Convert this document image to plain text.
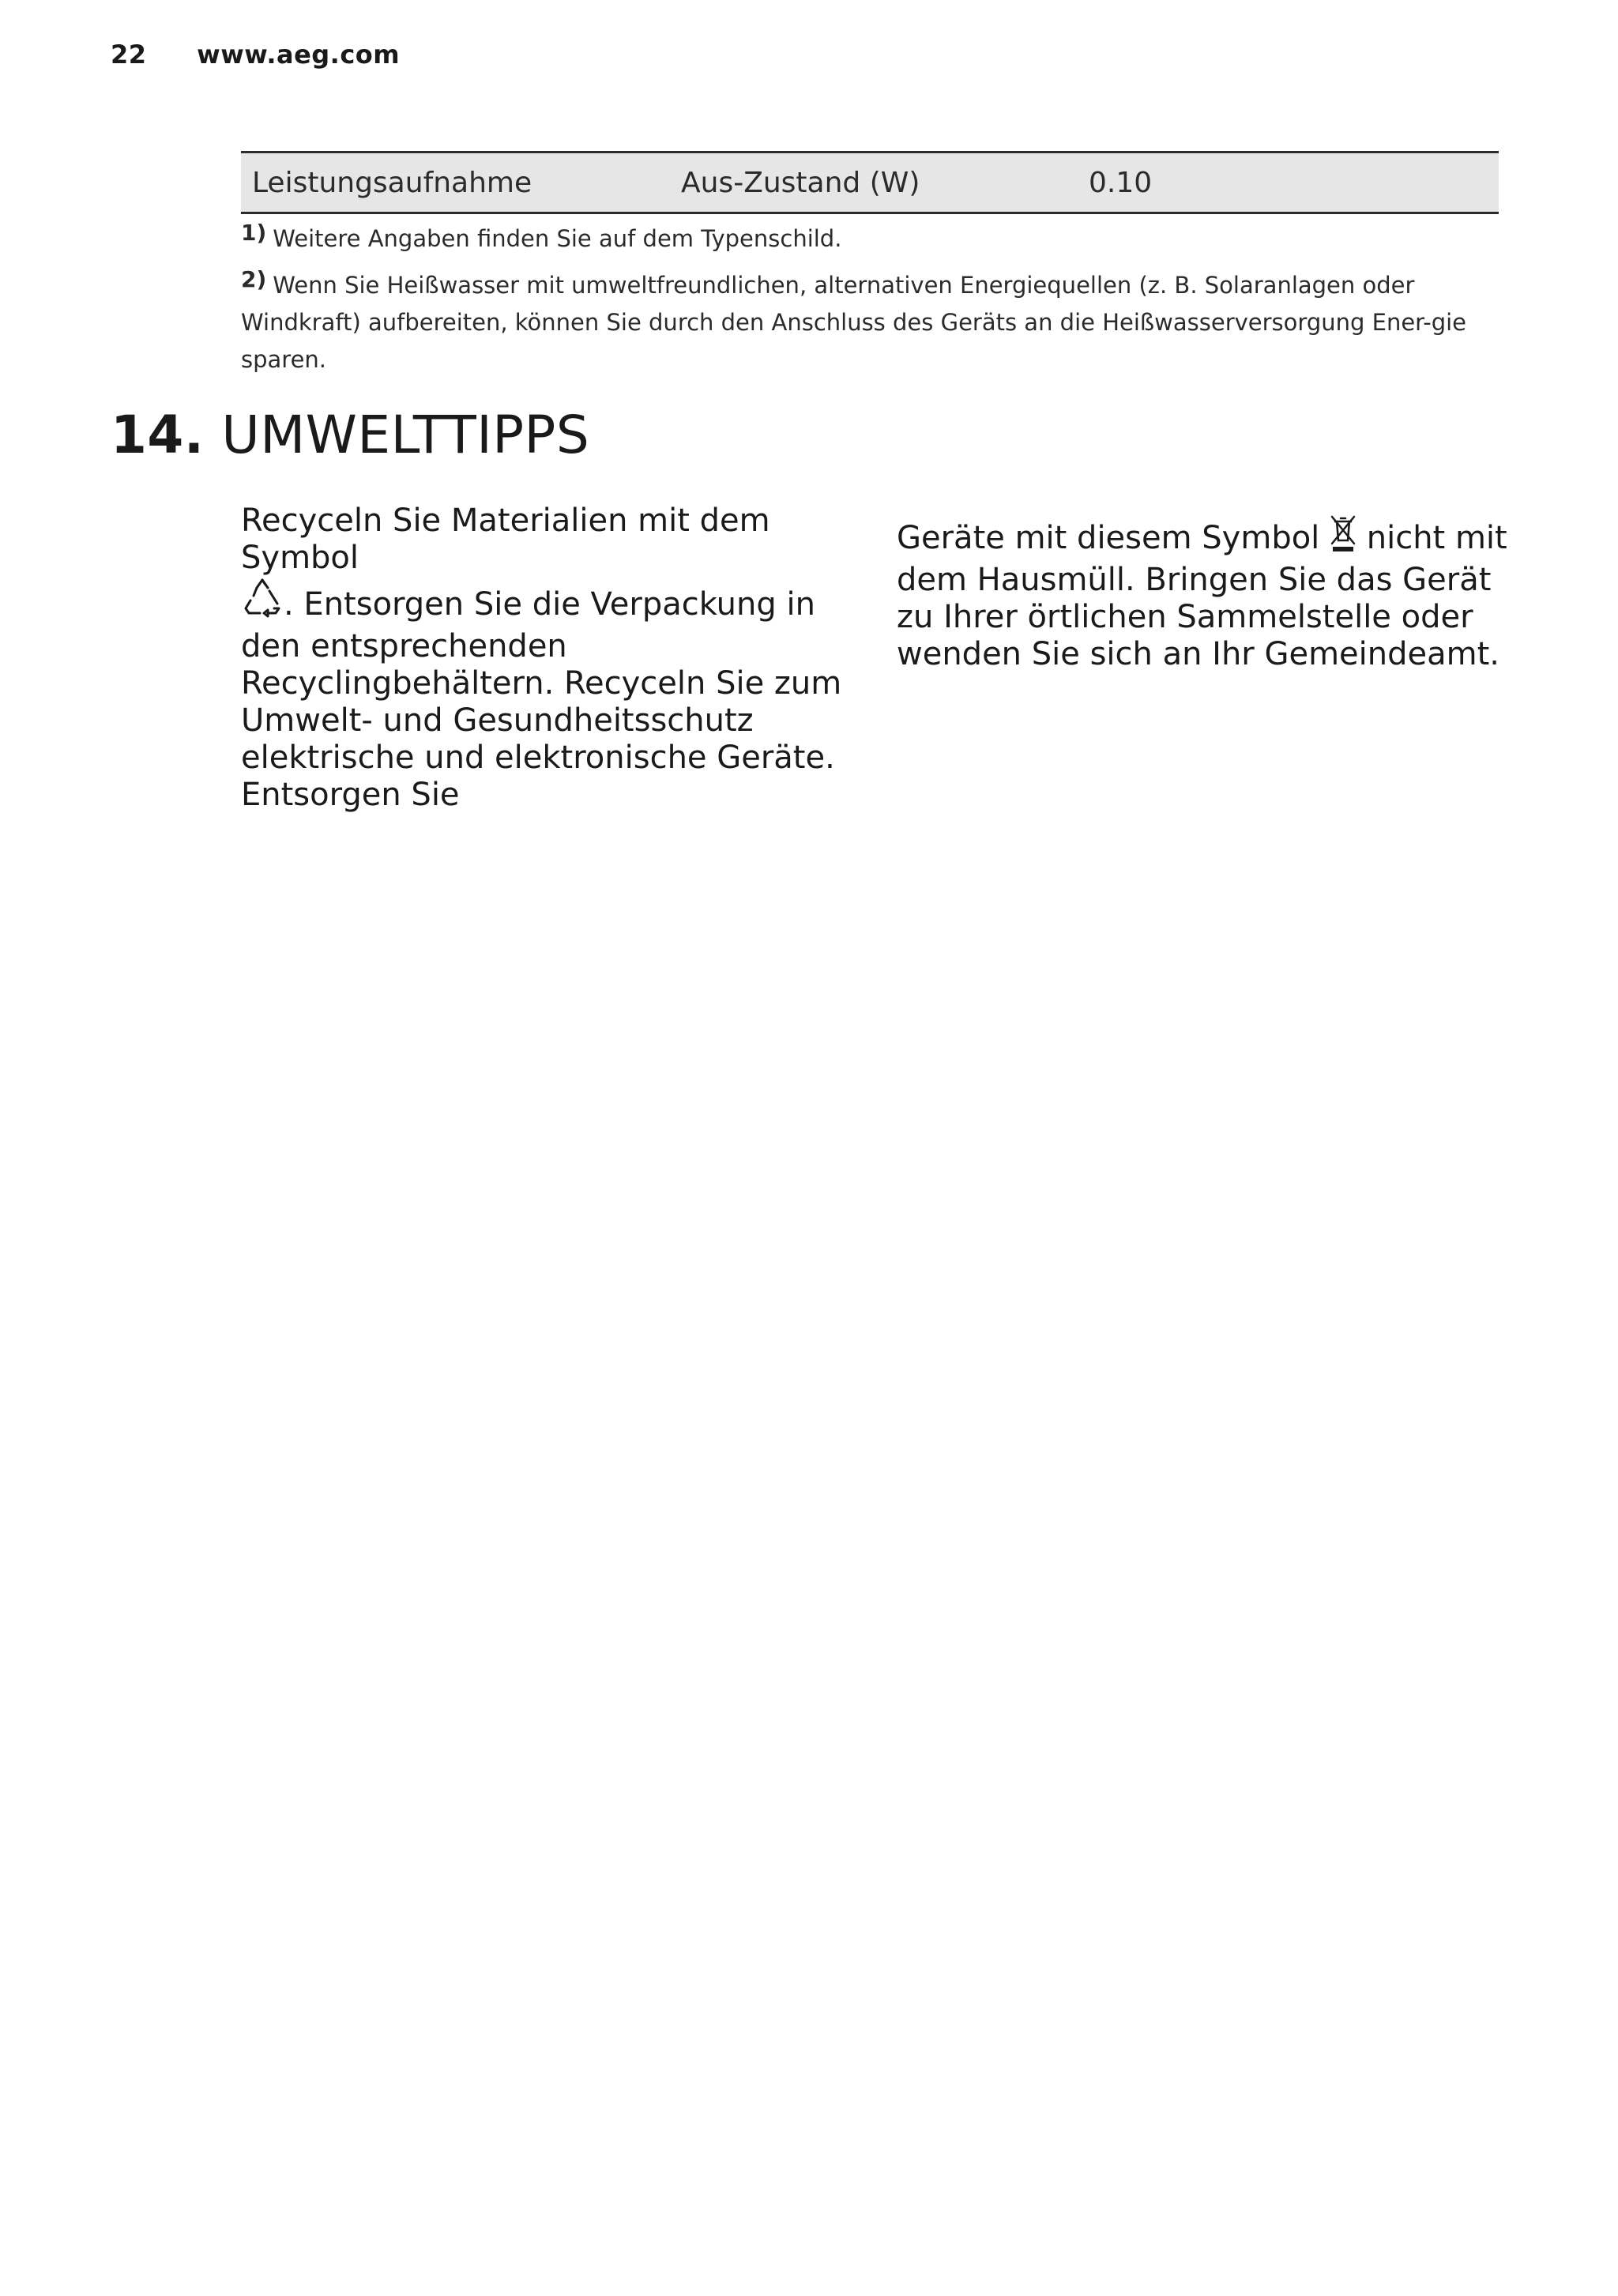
22 www.aeg.com
Leistungsaufnahme	Aus-Zustand (W)	0.10
1) Weitere Angaben finden Sie auf dem Typenschild.
2) Wenn Sie Heißwasser mit umweltfreundlichen, alternativen Energiequellen (z. B. Solaranlagen oder Windkraft) aufbereiten, können Sie durch den Anschluss des Geräts an die Heißwasserversorgung Ener-gie sparen.
14. UMWELTTIPPS
Recyceln Sie Materialien mit dem Symbol
. Entsorgen Sie die Verpackung in den entsprechenden Recyclingbehältern. Recyceln Sie zum Umwelt- und Gesundheitsschutz elektrische und elektronische Geräte. Entsorgen Sie
Geräte mit diesem Symbol nicht mit dem Hausmüll. Bringen Sie das Gerät zu Ihrer örtlichen Sammelstelle oder wenden Sie sich an Ihr Gemeindeamt.
